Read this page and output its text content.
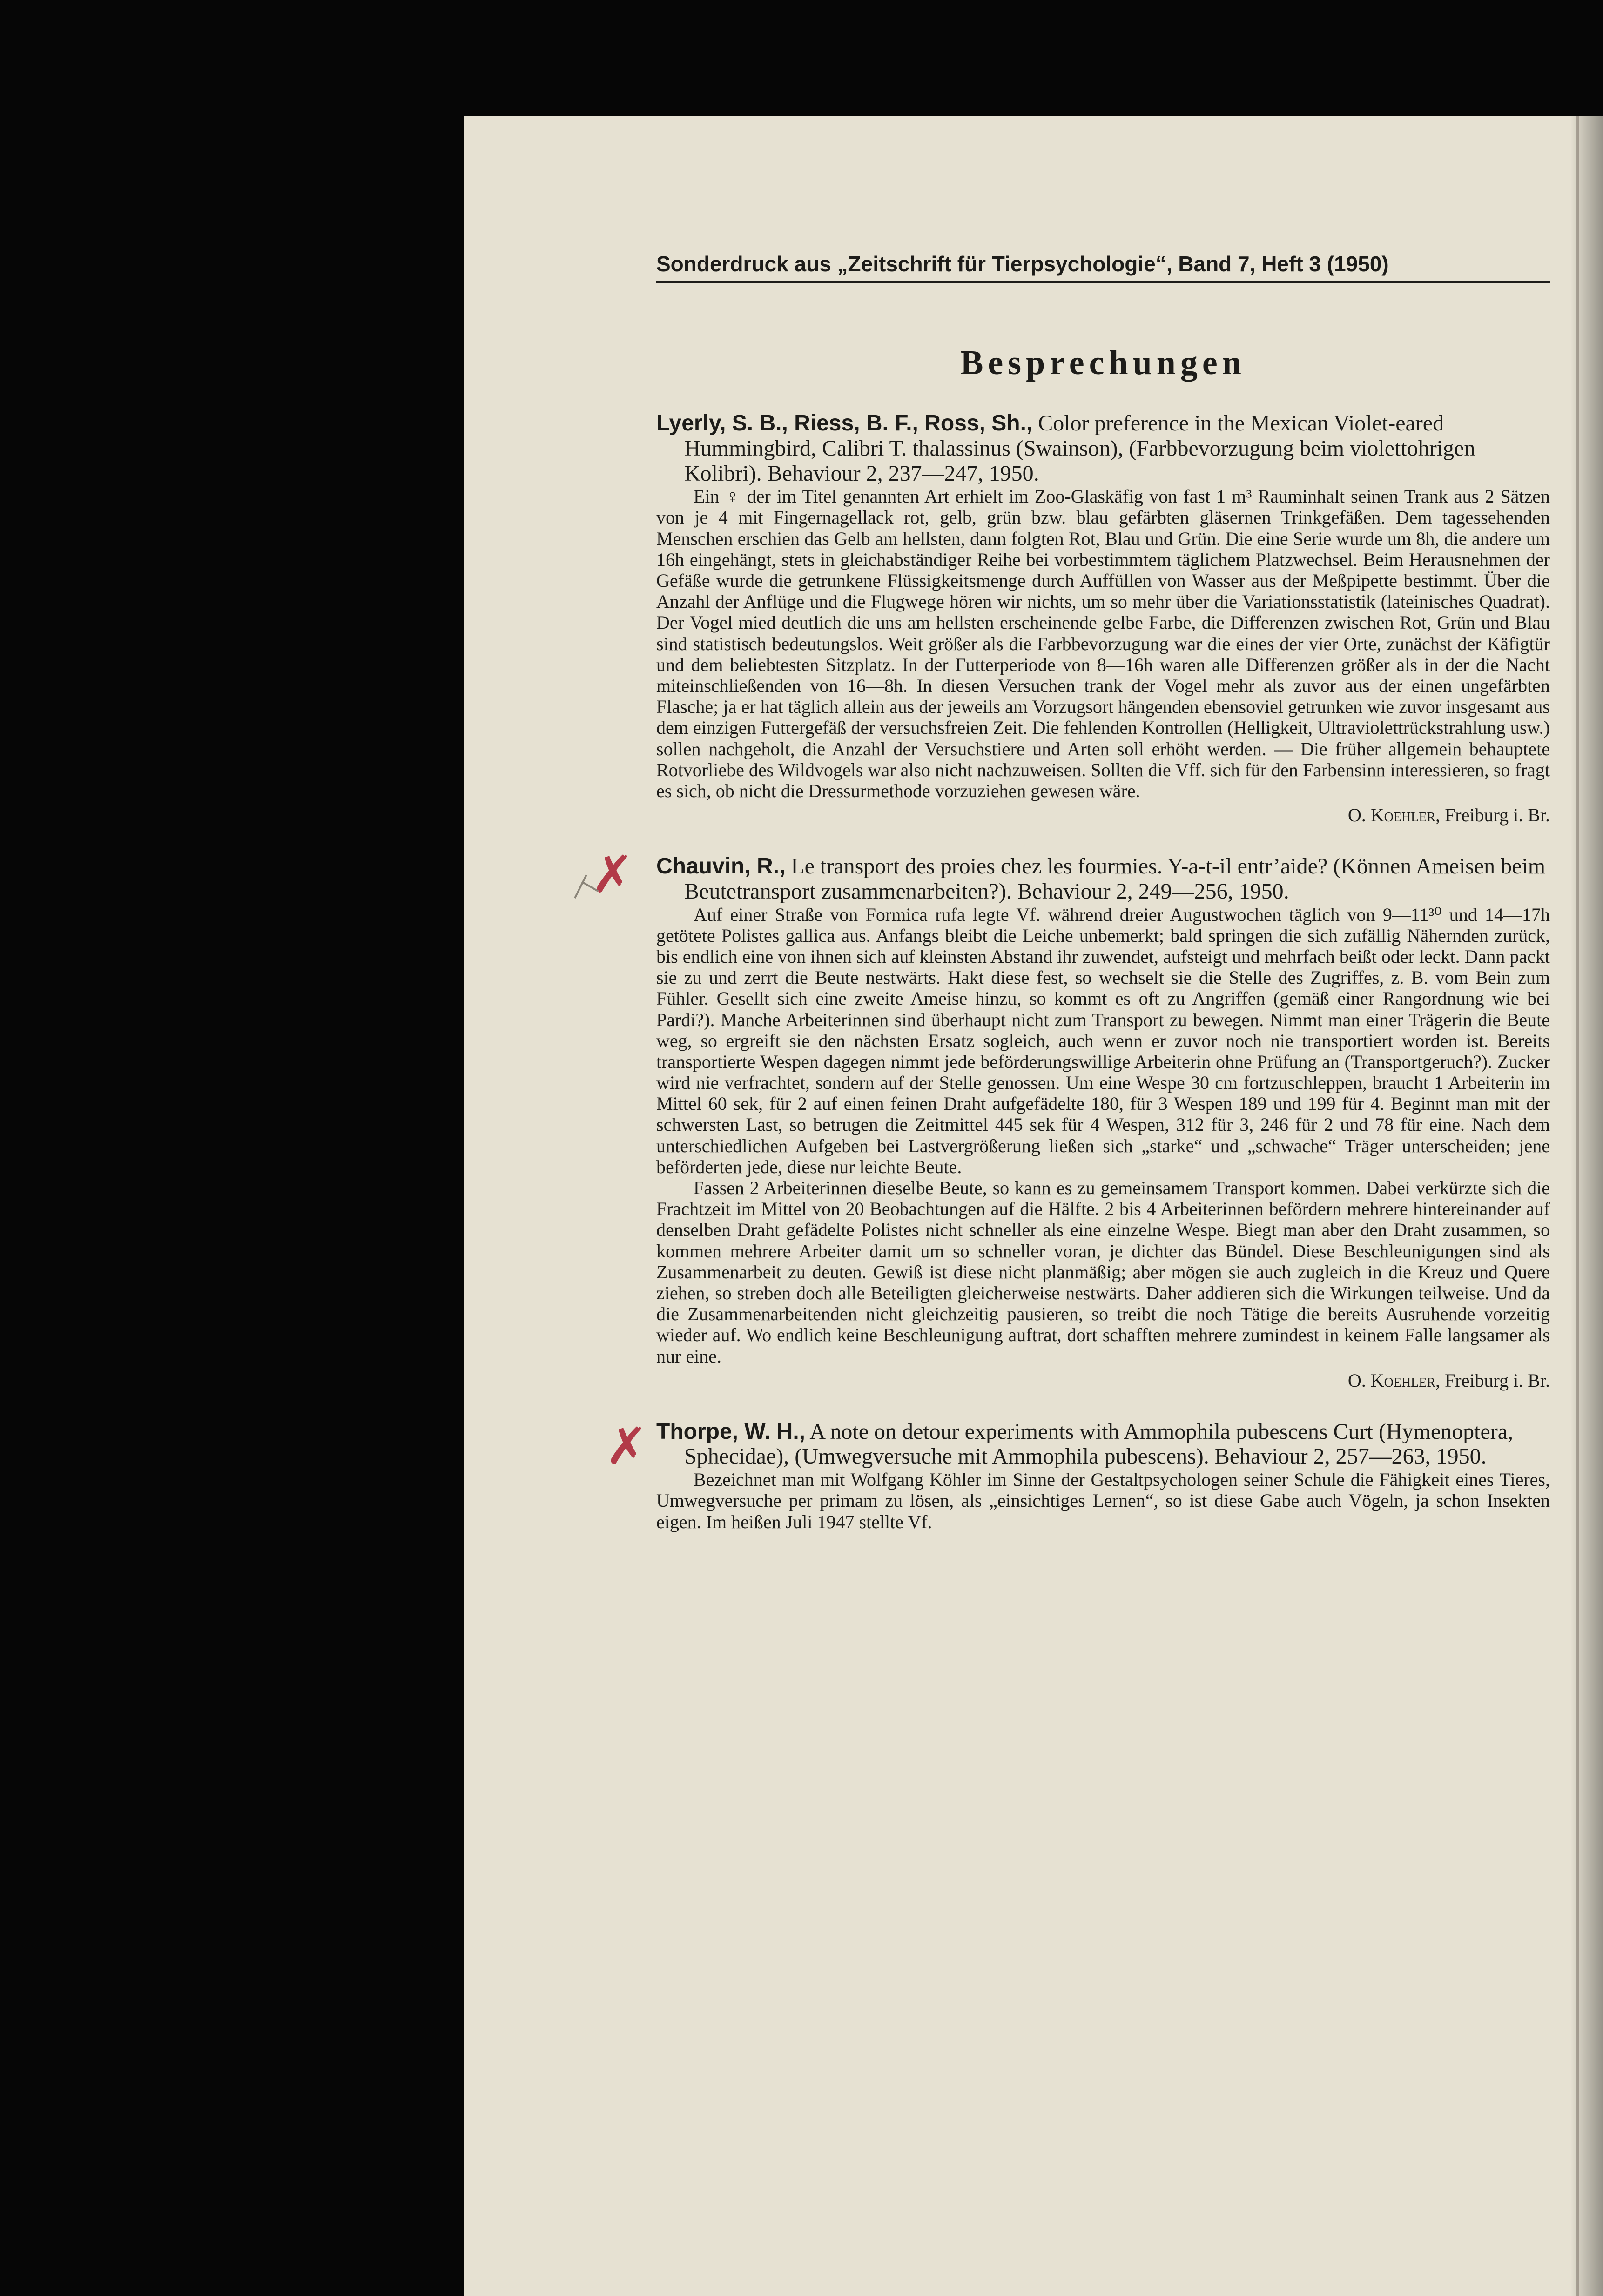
Sonderdruck aus „Zeitschrift für Tierpsychologie“, Band 7, Heft 3 (1950)
Besprechungen

Lyerly, S. B., Riess, B. F., Ross, Sh., Color preference in the Mexican Violet-eared Hummingbird, Calibri T. thalassinus (Swainson), (Farbbevorzugung beim violettohrigen Kolibri). Behaviour 2, 237—247, 1950.

Ein ♀ der im Titel genannten Art erhielt im Zoo-Glaskäfig von fast 1 m³ Rauminhalt seinen Trank aus 2 Sätzen von je 4 mit Fingernagellack rot, gelb, grün bzw. blau gefärbten gläsernen Trinkgefäßen. Dem tagessehenden Menschen erschien das Gelb am hellsten, dann folgten Rot, Blau und Grün. Die eine Serie wurde um 8h, die andere um 16h eingehängt, stets in gleichabständiger Reihe bei vorbestimmtem täglichem Platzwechsel. Beim Herausnehmen der Gefäße wurde die getrunkene Flüssigkeitsmenge durch Auffüllen von Wasser aus der Meßpipette bestimmt. Über die Anzahl der Anflüge und die Flugwege hören wir nichts, um so mehr über die Variationsstatistik (lateinisches Quadrat). Der Vogel mied deutlich die uns am hellsten erscheinende gelbe Farbe, die Differenzen zwischen Rot, Grün und Blau sind statistisch bedeutungslos. Weit größer als die Farbbevorzugung war die eines der vier Orte, zunächst der Käfigtür und dem beliebtesten Sitzplatz. In der Futterperiode von 8—16h waren alle Differenzen größer als in der die Nacht miteinschließenden von 16—8h. In diesen Versuchen trank der Vogel mehr als zuvor aus der einen ungefärbten Flasche; ja er hat täglich allein aus der jeweils am Vorzugsort hängenden ebensoviel getrunken wie zuvor insgesamt aus dem einzigen Futtergefäß der versuchsfreien Zeit. Die fehlenden Kontrollen (Helligkeit, Ultraviolettrückstrahlung usw.) sollen nachgeholt, die Anzahl der Versuchstiere und Arten soll erhöht werden. — Die früher allgemein behauptete Rotvorliebe des Wildvogels war also nicht nachzuweisen. Sollten die Vff. sich für den Farbensinn interessieren, so fragt es sich, ob nicht die Dressurmethode vorzuziehen gewesen wäre.

O. Koehler, Freiburg i. Br.
✗ Chauvin, R., Le transport des proies chez les fourmies. Y-a-t-il entr’aide? (Können Ameisen beim Beutetransport zusammenarbeiten?). Behaviour 2, 249—256, 1950.

Auf einer Straße von Formica rufa legte Vf. während dreier Augustwochen täglich von 9—11³⁰ und 14—17h getötete Polistes gallica aus. Anfangs bleibt die Leiche unbemerkt; bald springen die sich zufällig Nähernden zurück, bis endlich eine von ihnen sich auf kleinsten Abstand ihr zuwendet, aufsteigt und mehrfach beißt oder leckt. Dann packt sie zu und zerrt die Beute nestwärts. Hakt diese fest, so wechselt sie die Stelle des Zugriffes, z. B. vom Bein zum Fühler. Gesellt sich eine zweite Ameise hinzu, so kommt es oft zu Angriffen (gemäß einer Rangordnung wie bei Pardi?). Manche Arbeiterinnen sind überhaupt nicht zum Transport zu bewegen. Nimmt man einer Trägerin die Beute weg, so ergreift sie den nächsten Ersatz sogleich, auch wenn er zuvor noch nie transportiert worden ist. Bereits transportierte Wespen dagegen nimmt jede beförderungswillige Arbeiterin ohne Prüfung an (Transportgeruch?). Zucker wird nie verfrachtet, sondern auf der Stelle genossen. Um eine Wespe 30 cm fortzuschleppen, braucht 1 Arbeiterin im Mittel 60 sek, für 2 auf einen feinen Draht aufgefädelte 180, für 3 Wespen 189 und 199 für 4. Beginnt man mit der schwersten Last, so betrugen die Zeitmittel 445 sek für 4 Wespen, 312 für 3, 246 für 2 und 78 für eine. Nach dem unterschiedlichen Aufgeben bei Lastvergrößerung ließen sich „starke“ und „schwache“ Träger unterscheiden; jene beförderten jede, diese nur leichte Beute.

Fassen 2 Arbeiterinnen dieselbe Beute, so kann es zu gemeinsamem Transport kommen. Dabei verkürzte sich die Frachtzeit im Mittel von 20 Beobachtungen auf die Hälfte. 2 bis 4 Arbeiterinnen befördern mehrere hintereinander auf denselben Draht gefädelte Polistes nicht schneller als eine einzelne Wespe. Biegt man aber den Draht zusammen, so kommen mehrere Arbeiter damit um so schneller voran, je dichter das Bündel. Diese Beschleunigungen sind als Zusammenarbeit zu deuten. Gewiß ist diese nicht planmäßig; aber mögen sie auch zugleich in die Kreuz und Quere ziehen, so streben doch alle Beteiligten gleicherweise nestwärts. Daher addieren sich die Wirkungen teilweise. Und da die Zusammenarbeitenden nicht gleichzeitig pausieren, so treibt die noch Tätige die bereits Ausruhende vorzeitig wieder auf. Wo endlich keine Beschleunigung auftrat, dort schafften mehrere zumindest in keinem Falle langsamer als nur eine.

O. Koehler, Freiburg i. Br.
✗ Thorpe, W. H., A note on detour experiments with Ammophila pubescens Curt (Hymenoptera, Sphecidae), (Umwegversuche mit Ammophila pubescens). Behaviour 2, 257—263, 1950.

Bezeichnet man mit Wolfgang Köhler im Sinne der Gestaltpsychologen seiner Schule die Fähigkeit eines Tieres, Umwegversuche per primam zu lösen, als „einsichtiges Lernen“, so ist diese Gabe auch Vögeln, ja schon Insekten eigen. Im heißen Juli 1947 stellte Vf.
